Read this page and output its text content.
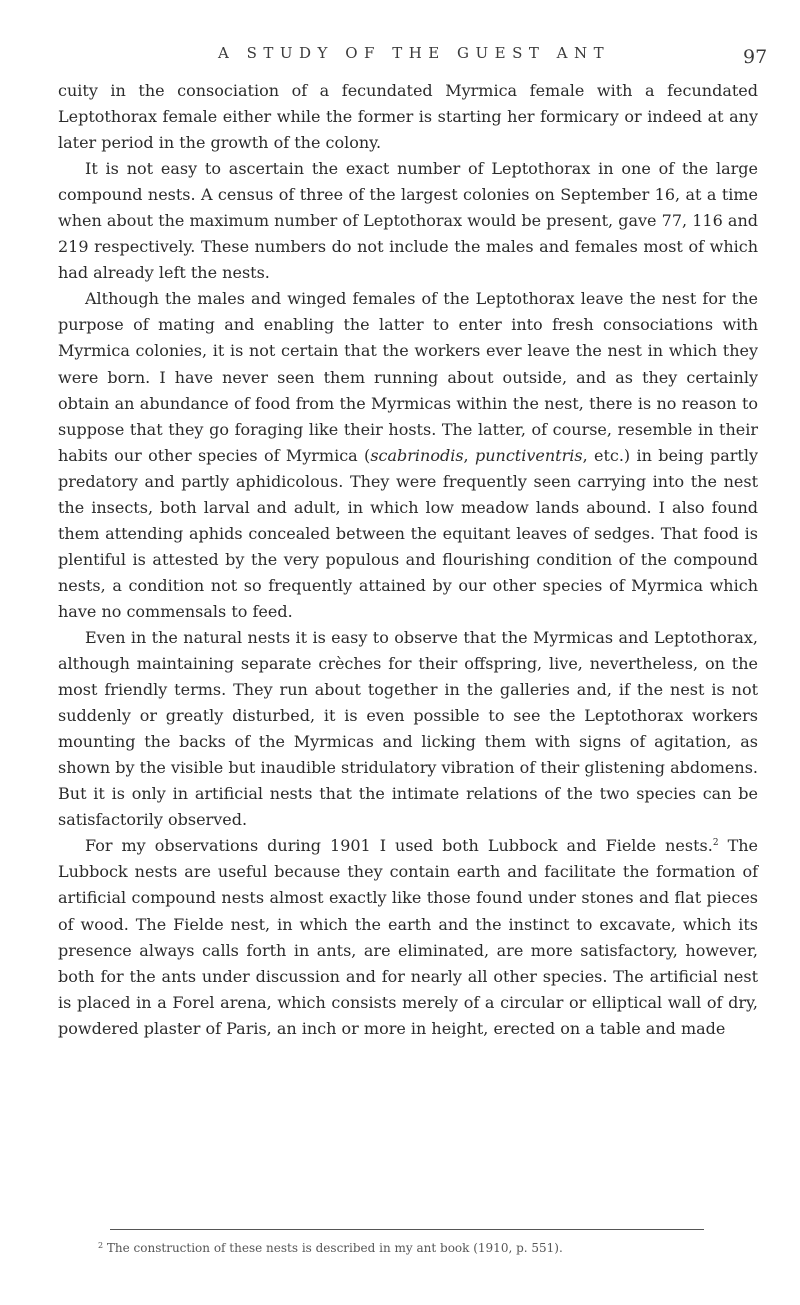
A STUDY OF THE GUEST ANT	97

cuity in the consociation of a fecundated Myrmica female with a fecundated Leptothorax female either while the former is starting her formicary or indeed at any later period in the growth of the colony.

It is not easy to ascertain the exact number of Leptothorax in one of the large compound nests. A census of three of the largest colonies on September 16, at a time when about the maximum number of Leptothorax would be present, gave 77, 116 and 219 respectively. These numbers do not include the males and females most of which had already left the nests.

Although the males and winged females of the Leptothorax leave the nest for the purpose of mating and enabling the latter to enter into fresh consociations with Myrmica colonies, it is not certain that the workers ever leave the nest in which they were born. I have never seen them running about outside, and as they certainly obtain an abundance of food from the Myrmicas within the nest, there is no reason to suppose that they go foraging like their hosts. The latter, of course, resemble in their habits our other species of Myrmica (scabrinodis, punctiventris, etc.) in being partly predatory and partly aphidicolous. They were frequently seen carrying into the nest the insects, both larval and adult, in which low meadow lands abound. I also found them attending aphids concealed between the equitant leaves of sedges. That food is plentiful is attested by the very populous and flourishing condition of the compound nests, a condition not so frequently attained by our other species of Myrmica which have no commensals to feed.

Even in the natural nests it is easy to observe that the Myrmicas and Leptothorax, although maintaining separate crèches for their offspring, live, nevertheless, on the most friendly terms. They run about together in the galleries and, if the nest is not suddenly or greatly disturbed, it is even possible to see the Leptothorax workers mounting the backs of the Myrmicas and licking them with signs of agitation, as shown by the visible but inaudible stridulatory vibration of their glistening abdomens. But it is only in artificial nests that the intimate relations of the two species can be satisfactorily observed.

For my observations during 1901 I used both Lubbock and Fielde nests.$^2$ The Lubbock nests are useful because they contain earth and facilitate the formation of artificial compound nests almost exactly like those found under stones and flat pieces of wood. The Fielde nest, in which the earth and the instinct to excavate, which its presence always calls forth in ants, are eliminated, are more satisfactory, however, both for the ants under discussion and for nearly all other species. The artificial nest is placed in a Forel arena, which consists merely of a circular or elliptical wall of dry, powdered plaster of Paris, an inch or more in height, erected on a table and made

$^2$ The construction of these nests is described in my ant book (1910, p. 551).
